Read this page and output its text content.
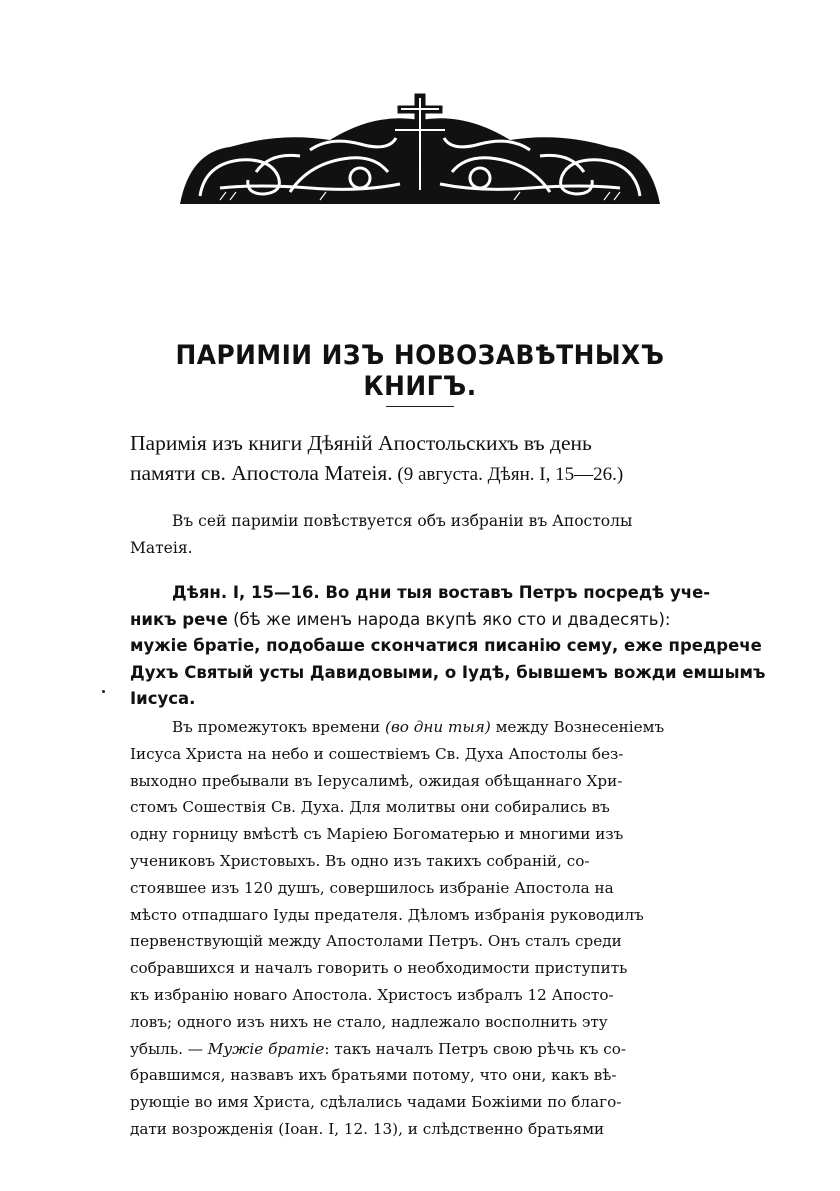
ПАРИМІИ ИЗЪ НОВОЗАВѢТНЫХЪ КНИГЪ.
Паримія изъ книги Дѣяній Апостольскихъ въ день
памяти св. Апостола Матеія. (9 августа. Дѣян. I, 15—26.)
Въ сей париміи повѣствуется объ избраніи въ Апостолы
Матеія.
Дѣян. I, 15—16. Во дни тыя воставъ Петръ посредѣ уче-
никъ рече (бѣ же именъ народа вкупѣ яко сто и двадесять):
мужіе братіе, подобаше скончатися писанію сему, еже предрече
Духъ Святый усты Давидовыми, о Іудѣ, бывшемъ вожди емшымъ
Іисуса.
Въ промежутокъ времени (во дни тыя) между Вознесеніемъ
Іисуса Христа на небо и сошествіемъ Св. Духа Апостолы без-
выходно пребывали въ Іерусалимѣ, ожидая обѣщаннаго Хри-
стомъ Сошествія Св. Духа. Для молитвы они собирались въ
одну горницу вмѣстѣ съ Маріею Богоматерью и многими изъ
учениковъ Христовыхъ. Въ одно изъ такихъ собраній, со-
стоявшее изъ 120 душъ, совершилось избраніе Апостола на
мѣсто отпадшаго Іуды предателя. Дѣломъ избранія руководилъ
первенствующій между Апостолами Петръ. Онъ сталъ среди
собравшихся и началъ говорить о необходимости приступить
къ избранію новаго Апостола. Христосъ избралъ 12 Апосто-
ловъ; одного изъ нихъ не стало, надлежало восполнить эту
убыль. — Мужіе братіе: такъ началъ Петръ свою рѣчь къ со-
бравшимся, назвавъ ихъ братьями потому, что они, какъ вѣ-
рующіе во имя Христа, сдѣлались чадами Божіими по благо-
дати возрожденія (Іоан. I, 12. 13), и слѣдственно братьями
